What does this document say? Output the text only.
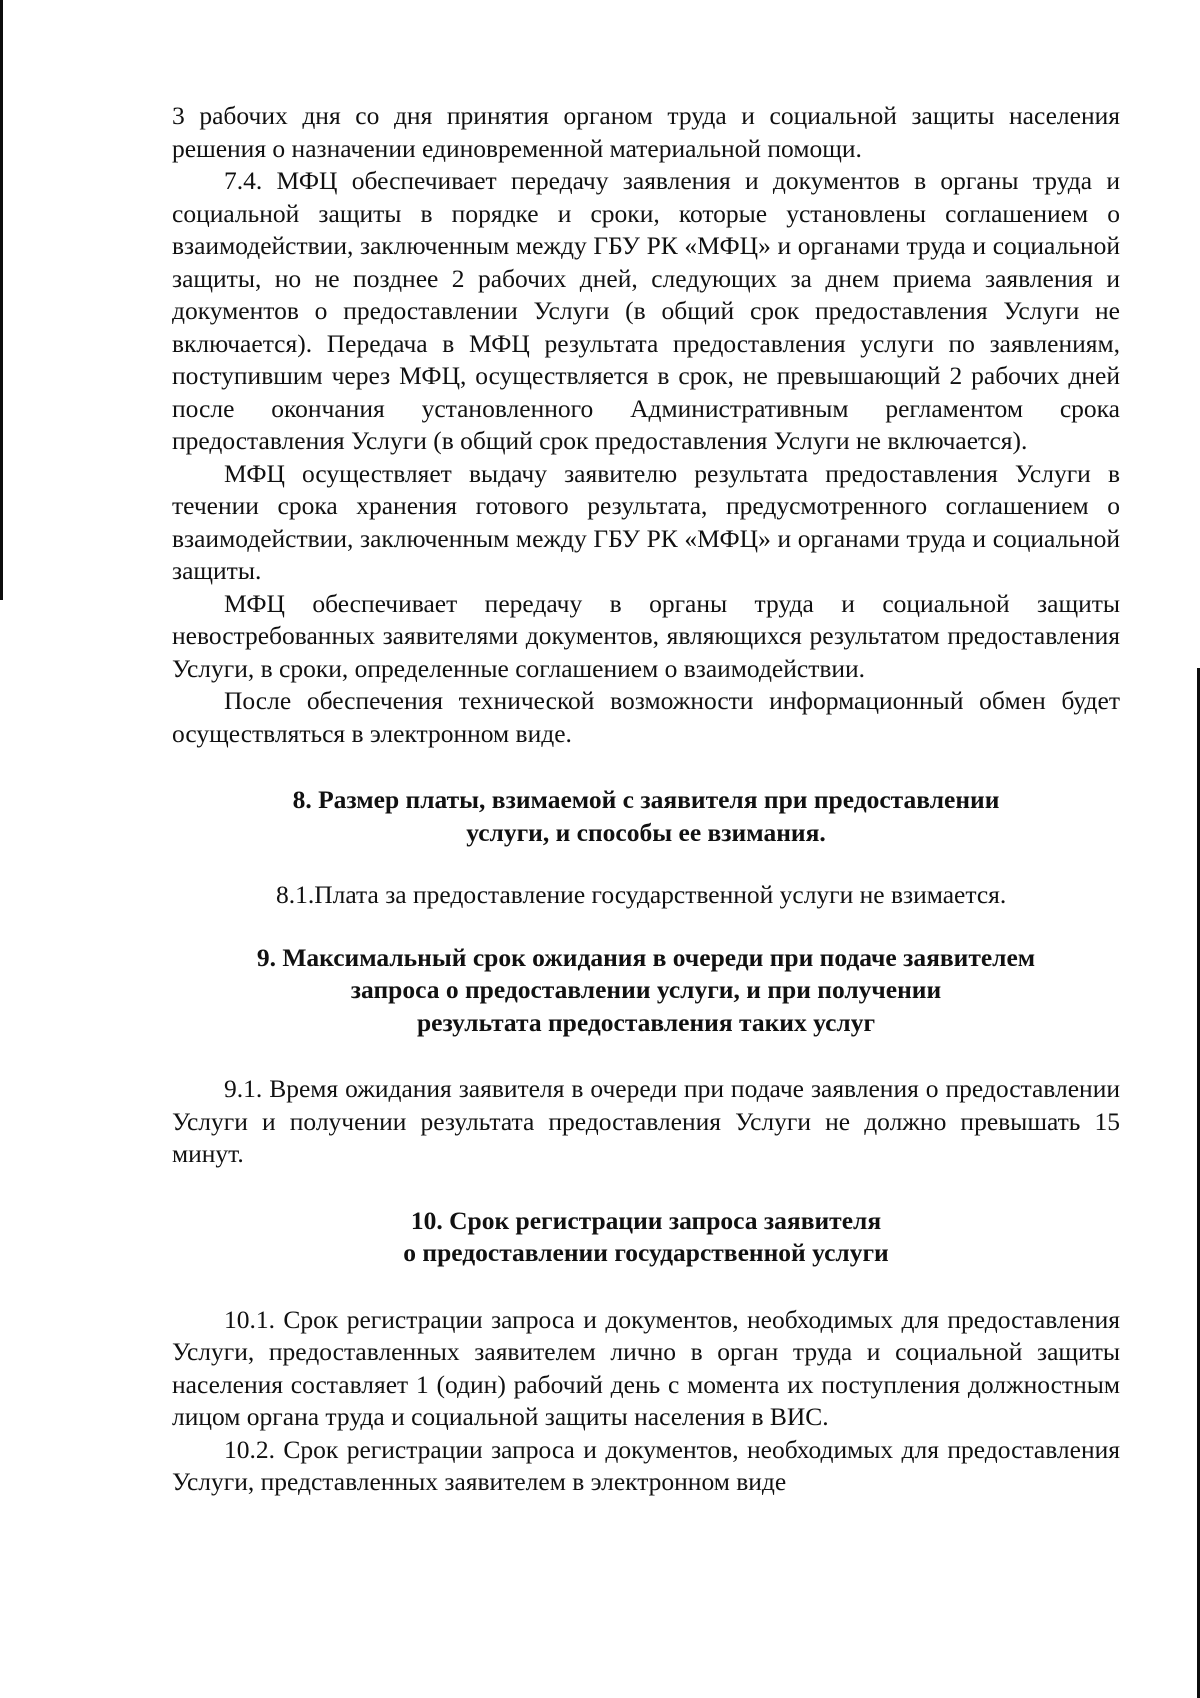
3 рабочих дня со дня принятия органом труда и социальной защиты населения решения о назначении единовременной материальной помощи.

7.4. МФЦ обеспечивает передачу заявления и документов в органы труда и социальной защиты в порядке и сроки, которые установлены соглашением о взаимодействии, заключенным между ГБУ РК «МФЦ» и органами труда и социальной защиты, но не позднее 2 рабочих дней, следующих за днем приема заявления и документов о предоставлении Услуги (в общий срок предоставления Услуги не включается). Передача в МФЦ результата предоставления услуги по заявлениям, поступившим через МФЦ, осуществляется в срок, не превышающий 2 рабочих дней после окончания установленного Административным регламентом срока предоставления Услуги (в общий срок предоставления Услуги не включается).

МФЦ осуществляет выдачу заявителю результата предоставления Услуги в течении срока хранения готового результата, предусмотренного соглашением о взаимодействии, заключенным между ГБУ РК «МФЦ» и органами труда и социальной защиты.

МФЦ обеспечивает передачу в органы труда и социальной защиты невостребованных заявителями документов, являющихся результатом предоставления Услуги, в сроки, определенные соглашением о взаимодействии.

После обеспечения технической возможности информационный обмен будет осуществляться в электронном виде.

8. Размер платы, взимаемой с заявителя при предоставлении
услуги, и способы ее взимания.

8.1.Плата за предоставление государственной услуги не взимается.

9. Максимальный срок ожидания в очереди при подаче заявителем
запроса о предоставлении услуги, и при получении
результата предоставления таких услуг

9.1. Время ожидания заявителя в очереди при подаче заявления о предоставлении Услуги и получении результата предоставления Услуги не должно превышать 15 минут.

10. Срок регистрации запроса заявителя
о предоставлении государственной услуги

10.1. Срок регистрации запроса и документов, необходимых для предоставления Услуги, предоставленных заявителем лично в орган труда и социальной защиты населения составляет 1 (один) рабочий день с момента их поступления должностным лицом органа труда и социальной защиты населения в ВИС.

10.2. Срок регистрации запроса и документов, необходимых для предоставления Услуги, представленных заявителем в электронном виде
